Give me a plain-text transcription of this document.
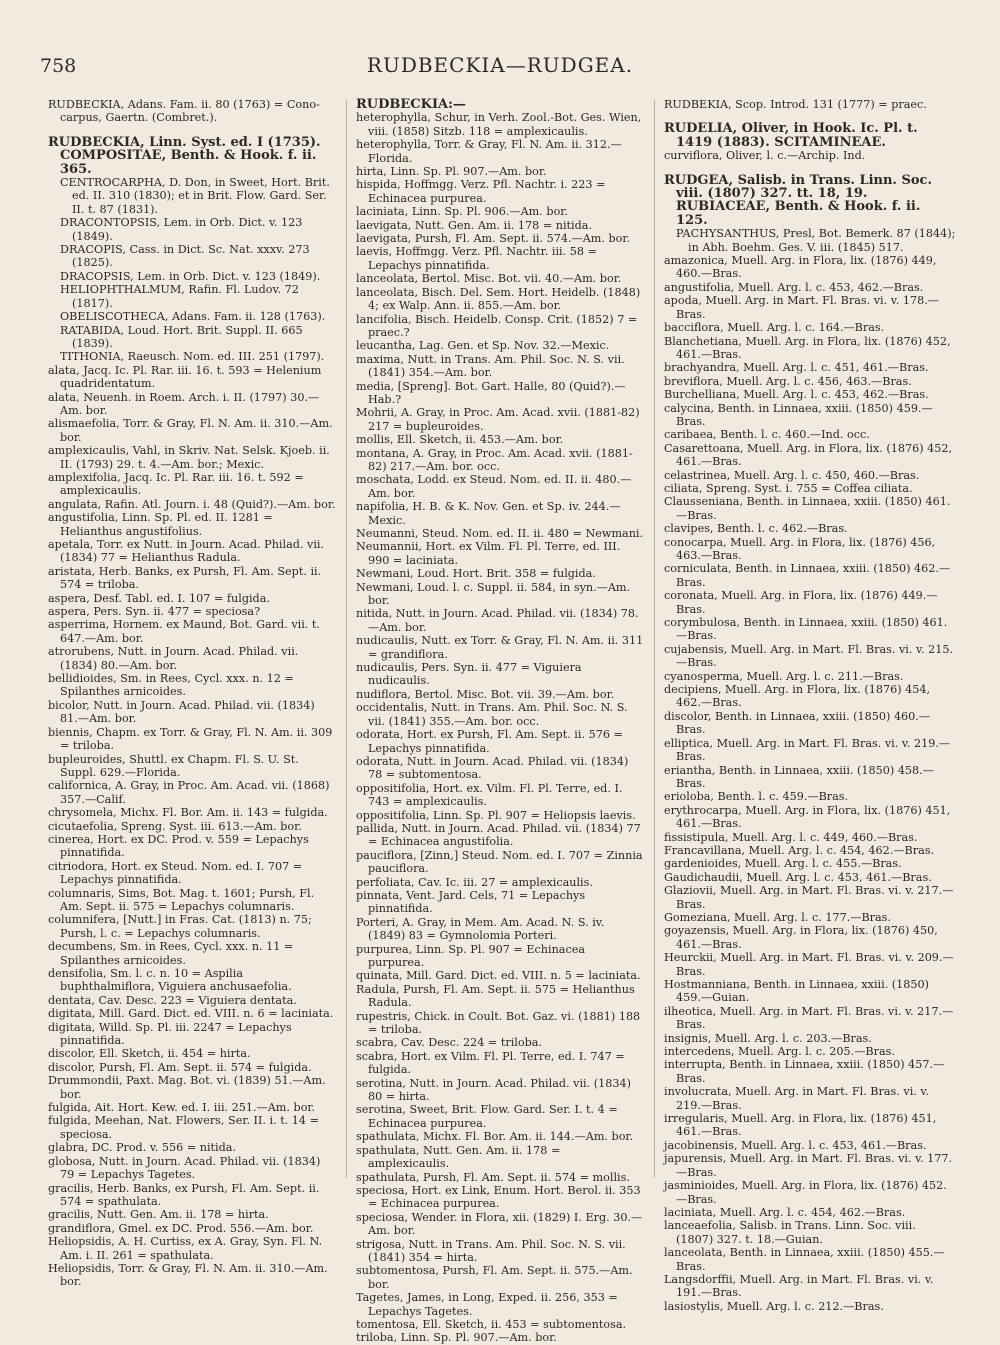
758	RUDBECKIA—RUDGEA.

RUDBECKIA, Adans. Fam. ii. 80 (1763) = Cono-carpus, Gaertn. (Combret.).

RUDBECKIA, Linn. Syst. ed. I (1735). COMPOSITAE, Benth. & Hook. f. ii. 365.

CENTROCARPHA, D. Don, in Sweet, Hort. Brit. ed. II. 310 (1830); et in Brit. Flow. Gard. Ser. II. t. 87 (1831).

DRACONTOPSIS, Lem. in Orb. Dict. v. 123 (1849).

DRACOPIS, Cass. in Dict. Sc. Nat. xxxv. 273 (1825).

DRACOPSIS, Lem. in Orb. Dict. v. 123 (1849).

HELIOPHTHALMUM, Rafin. Fl. Ludov. 72 (1817).

OBELISCOTHECA, Adans. Fam. ii. 128 (1763).

RATABIDA, Loud. Hort. Brit. Suppl. II. 665 (1839).

TITHONIA, Raeusch. Nom. ed. III. 251 (1797).

alata, Jacq. Ic. Pl. Rar. iii. 16. t. 593 = Helenium quadridentatum.

alata, Neuenh. in Roem. Arch. i. II. (1797) 30.—Am. bor.

alismaefolia, Torr. & Gray, Fl. N. Am. ii. 310.—Am. bor.

amplexicaulis, Vahl, in Skriv. Nat. Selsk. Kjoeb. ii. II. (1793) 29. t. 4.—Am. bor.; Mexic.

amplexifolia, Jacq. Ic. Pl. Rar. iii. 16. t. 592 = amplexicaulis.

angulata, Rafin. Atl. Journ. i. 48 (Quid?).—Am. bor.

angustifolia, Linn. Sp. Pl. ed. II. 1281 = Helianthus angustifolius.

apetala, Torr. ex Nutt. in Journ. Acad. Philad. vii. (1834) 77 = Helianthus Radula.

aristata, Herb. Banks, ex Pursh, Fl. Am. Sept. ii. 574 = triloba.

aspera, Desf. Tabl. ed. I. 107 = fulgida.

aspera, Pers. Syn. ii. 477 = speciosa?

asperrima, Hornem. ex Maund, Bot. Gard. vii. t. 647.—Am. bor.

atrorubens, Nutt. in Journ. Acad. Philad. vii. (1834) 80.—Am. bor.

bellidioides, Sm. in Rees, Cycl. xxx. n. 12 = Spilanthes arnicoides.

bicolor, Nutt. in Journ. Acad. Philad. vii. (1834) 81.—Am. bor.

biennis, Chapm. ex Torr. & Gray, Fl. N. Am. ii. 309 = triloba.

bupleuroides, Shuttl. ex Chapm. Fl. S. U. St. Suppl. 629.—Florida.

californica, A. Gray, in Proc. Am. Acad. vii. (1868) 357.—Calif.

chrysomela, Michx. Fl. Bor. Am. ii. 143 = fulgida.

cicutaefolia, Spreng. Syst. iii. 613.—Am. bor.

cinerea, Hort. ex DC. Prod. v. 559 = Lepachys pinnatifida.

citriodora, Hort. ex Steud. Nom. ed. I. 707 = Lepachys pinnatifida.

columnaris, Sims, Bot. Mag. t. 1601; Pursh, Fl. Am. Sept. ii. 575 = Lepachys columnaris.

columnifera, [Nutt.] in Fras. Cat. (1813) n. 75; Pursh, l. c. = Lepachys columnaris.

decumbens, Sm. in Rees, Cycl. xxx. n. 11 = Spilanthes arnicoides.

densifolia, Sm. l. c. n. 10 = Aspilia buphthalmiflora, Viguiera anchusaefolia.

dentata, Cav. Desc. 223 = Viguiera dentata.

digitata, Mill. Gard. Dict. ed. VIII. n. 6 = laciniata.

digitata, Willd. Sp. Pl. iii. 2247 = Lepachys pinnatifida.

discolor, Ell. Sketch, ii. 454 = hirta.

discolor, Pursh, Fl. Am. Sept. ii. 574 = fulgida.

Drummondii, Paxt. Mag. Bot. vi. (1839) 51.—Am. bor.

fulgida, Ait. Hort. Kew. ed. I. iii. 251.—Am. bor.

fulgida, Meehan, Nat. Flowers, Ser. II. i. t. 14 = speciosa.

glabra, DC. Prod. v. 556 = nitida.

globosa, Nutt. in Journ. Acad. Philad. vii. (1834) 79 = Lepachys Tagetes.

gracilis, Herb. Banks, ex Pursh, Fl. Am. Sept. ii. 574 = spathulata.

gracilis, Nutt. Gen. Am. ii. 178 = hirta.

grandiflora, Gmel. ex DC. Prod. 556.—Am. bor.

Heliopsidis, A. H. Curtiss, ex A. Gray, Syn. Fl. N. Am. i. II. 261 = spathulata.

Heliopsidis, Torr. & Gray, Fl. N. Am. ii. 310.—Am. bor.

RUDBECKIA:—

heterophylla, Schur, in Verh. Zool.-Bot. Ges. Wien, viii. (1858) Sitzb. 118 = amplexicaulis.

heterophylla, Torr. & Gray, Fl. N. Am. ii. 312.—Florida.

hirta, Linn. Sp. Pl. 907.—Am. bor.

hispida, Hoffmgg. Verz. Pfl. Nachtr. i. 223 = Echinacea purpurea.

laciniata, Linn. Sp. Pl. 906.—Am. bor.

laevigata, Nutt. Gen. Am. ii. 178 = nitida.

laevigata, Pursh, Fl. Am. Sept. ii. 574.—Am. bor.

laevis, Hoffmgg. Verz. Pfl. Nachtr. iii. 58 = Lepachys pinnatifida.

lanceolata, Bertol. Misc. Bot. vii. 40.—Am. bor.

lanceolata, Bisch. Del. Sem. Hort. Heidelb. (1848) 4; ex Walp. Ann. ii. 855.—Am. bor.

lancifolia, Bisch. Heidelb. Consp. Crit. (1852) 7 = praec.?

leucantha, Lag. Gen. et Sp. Nov. 32.—Mexic.

maxima, Nutt. in Trans. Am. Phil. Soc. N. S. vii. (1841) 354.—Am. bor.

media, [Spreng]. Bot. Gart. Halle, 80 (Quid?).—Hab.?

Mohrii, A. Gray, in Proc. Am. Acad. xvii. (1881-82) 217 = bupleuroides.

mollis, Ell. Sketch, ii. 453.—Am. bor.

montana, A. Gray, in Proc. Am. Acad. xvii. (1881-82) 217.—Am. bor. occ.

moschata, Lodd. ex Steud. Nom. ed. II. ii. 480.—Am. bor.

napifolia, H. B. & K. Nov. Gen. et Sp. iv. 244.—Mexic.

Neumanni, Steud. Nom. ed. II. ii. 480 = Newmani.

Neumannii, Hort. ex Vilm. Fl. Pl. Terre, ed. III. 990 = laciniata.

Newmani, Loud. Hort. Brit. 358 = fulgida.

Newmani, Loud. l. c. Suppl. ii. 584, in syn.—Am. bor.

nitida, Nutt. in Journ. Acad. Philad. vii. (1834) 78.—Am. bor.

nudicaulis, Nutt. ex Torr. & Gray, Fl. N. Am. ii. 311 = grandiflora.

nudicaulis, Pers. Syn. ii. 477 = Viguiera nudicaulis.

nudiflora, Bertol. Misc. Bot. vii. 39.—Am. bor.

occidentalis, Nutt. in Trans. Am. Phil. Soc. N. S. vii. (1841) 355.—Am. bor. occ.

odorata, Hort. ex Pursh, Fl. Am. Sept. ii. 576 = Lepachys pinnatifida.

odorata, Nutt. in Journ. Acad. Philad. vii. (1834) 78 = subtomentosa.

oppositifolia, Hort. ex. Vilm. Fl. Pl. Terre, ed. I. 743 = amplexicaulis.

oppositifolia, Linn. Sp. Pl. 907 = Heliopsis laevis.

pallida, Nutt. in Journ. Acad. Philad. vii. (1834) 77 = Echinacea angustifolia.

pauciflora, [Zinn,] Steud. Nom. ed. I. 707 = Zinnia pauciflora.

perfoliata, Cav. Ic. iii. 27 = amplexicaulis.

pinnata, Vent. Jard. Cels, 71 = Lepachys pinnatifida.

Porteri, A. Gray, in Mem. Am. Acad. N. S. iv. (1849) 83 = Gymnolomia Porteri.

purpurea, Linn. Sp. Pl. 907 = Echinacea purpurea.

quinata, Mill. Gard. Dict. ed. VIII. n. 5 = laciniata.

Radula, Pursh, Fl. Am. Sept. ii. 575 = Helianthus Radula.

rupestris, Chick. in Coult. Bot. Gaz. vi. (1881) 188 = triloba.

scabra, Cav. Desc. 224 = triloba.

scabra, Hort. ex Vilm. Fl. Pl. Terre, ed. I. 747 = fulgida.

serotina, Nutt. in Journ. Acad. Philad. vii. (1834) 80 = hirta.

serotina, Sweet, Brit. Flow. Gard. Ser. I. t. 4 = Echinacea purpurea.

spathulata, Michx. Fl. Bor. Am. ii. 144.—Am. bor.

spathulata, Nutt. Gen. Am. ii. 178 = amplexicaulis.

spathulata, Pursh, Fl. Am. Sept. ii. 574 = mollis.

speciosa, Hort. ex Link, Enum. Hort. Berol. ii. 353 = Echinacea purpurea.

speciosa, Wender. in Flora, xii. (1829) I. Erg. 30.—Am. bor.

strigosa, Nutt. in Trans. Am. Phil. Soc. N. S. vii. (1841) 354 = hirta.

subtomentosa, Pursh, Fl. Am. Sept. ii. 575.—Am. bor.

Tagetes, James, in Long, Exped. ii. 256, 353 = Lepachys Tagetes.

tomentosa, Ell. Sketch, ii. 453 = subtomentosa.

triloba, Linn. Sp. Pl. 907.—Am. bor.

RUDBEKIA, Scop. Introd. 131 (1777) = praec.

RUDELIA, Oliver, in Hook. Ic. Pl. t. 1419 (1883). SCITAMINEAE.

curviflora, Oliver, l. c.—Archip. Ind.

RUDGEA, Salisb. in Trans. Linn. Soc. viii. (1807) 327. tt. 18, 19. RUBIACEAE, Benth. & Hook. f. ii. 125.

PACHYSANTHUS, Presl, Bot. Bemerk. 87 (1844); in Abh. Boehm. Ges. V. iii. (1845) 517.

amazonica, Muell. Arg. in Flora, lix. (1876) 449, 460.—Bras.

angustifolia, Muell. Arg. l. c. 453, 462.—Bras.

apoda, Muell. Arg. in Mart. Fl. Bras. vi. v. 178.—Bras.

bacciflora, Muell. Arg. l. c. 164.—Bras.

Blanchetiana, Muell. Arg. in Flora, lix. (1876) 452, 461.—Bras.

brachyandra, Muell. Arg. l. c. 451, 461.—Bras.

breviflora, Muell. Arg. l. c. 456, 463.—Bras.

Burchelliana, Muell. Arg. l. c. 453, 462.—Bras.

calycina, Benth. in Linnaea, xxiii. (1850) 459.—Bras.

caribaea, Benth. l. c. 460.—Ind. occ.

Casarettoana, Muell. Arg. in Flora, lix. (1876) 452, 461.—Bras.

celastrinea, Muell. Arg. l. c. 450, 460.—Bras.

ciliata, Spreng. Syst. i. 755 = Coffea ciliata.

Clausseniana, Benth. in Linnaea, xxiii. (1850) 461.—Bras.

clavipes, Benth. l. c. 462.—Bras.

conocarpa, Muell. Arg. in Flora, lix. (1876) 456, 463.—Bras.

corniculata, Benth. in Linnaea, xxiii. (1850) 462.—Bras.

coronata, Muell. Arg. in Flora, lix. (1876) 449.—Bras.

corymbulosa, Benth. in Linnaea, xxiii. (1850) 461.—Bras.

cujabensis, Muell. Arg. in Mart. Fl. Bras. vi. v. 215.—Bras.

cyanosperma, Muell. Arg. l. c. 211.—Bras.

decipiens, Muell. Arg. in Flora, lix. (1876) 454, 462.—Bras.

discolor, Benth. in Linnaea, xxiii. (1850) 460.—Bras.

elliptica, Muell. Arg. in Mart. Fl. Bras. vi. v. 219.—Bras.

eriantha, Benth. in Linnaea, xxiii. (1850) 458.—Bras.

erioloba, Benth. l. c. 459.—Bras.

erythrocarpa, Muell. Arg. in Flora, lix. (1876) 451, 461.—Bras.

fissistipula, Muell. Arg. l. c. 449, 460.—Bras.

Francavillana, Muell. Arg. l. c. 454, 462.—Bras.

gardenioides, Muell. Arg. l. c. 455.—Bras.

Gaudichaudii, Muell. Arg. l. c. 453, 461.—Bras.

Glaziovii, Muell. Arg. in Mart. Fl. Bras. vi. v. 217.—Bras.

Gomeziana, Muell. Arg. l. c. 177.—Bras.

goyazensis, Muell. Arg. in Flora, lix. (1876) 450, 461.—Bras.

Heurckii, Muell. Arg. in Mart. Fl. Bras. vi. v. 209.—Bras.

Hostmanniana, Benth. in Linnaea, xxiii. (1850) 459.—Guian.

ilheotica, Muell. Arg. in Mart. Fl. Bras. vi. v. 217.—Bras.

insignis, Muell. Arg. l. c. 203.—Bras.

intercedens, Muell. Arg. l. c. 205.—Bras.

interrupta, Benth. in Linnaea, xxiii. (1850) 457.—Bras.

involucrata, Muell. Arg. in Mart. Fl. Bras. vi. v. 219.—Bras.

irregularis, Muell. Arg. in Flora, lix. (1876) 451, 461.—Bras.

jacobinensis, Muell. Arg. l. c. 453, 461.—Bras.

japurensis, Muell. Arg. in Mart. Fl. Bras. vi. v. 177.—Bras.

jasminioides, Muell. Arg. in Flora, lix. (1876) 452.—Bras.

laciniata, Muell. Arg. l. c. 454, 462.—Bras.

lanceaefolia, Salisb. in Trans. Linn. Soc. viii. (1807) 327. t. 18.—Guian.

lanceolata, Benth. in Linnaea, xxiii. (1850) 455.—Bras.

Langsdorffii, Muell. Arg. in Mart. Fl. Bras. vi. v. 191.—Bras.

lasiostylis, Muell. Arg. l. c. 212.—Bras.
